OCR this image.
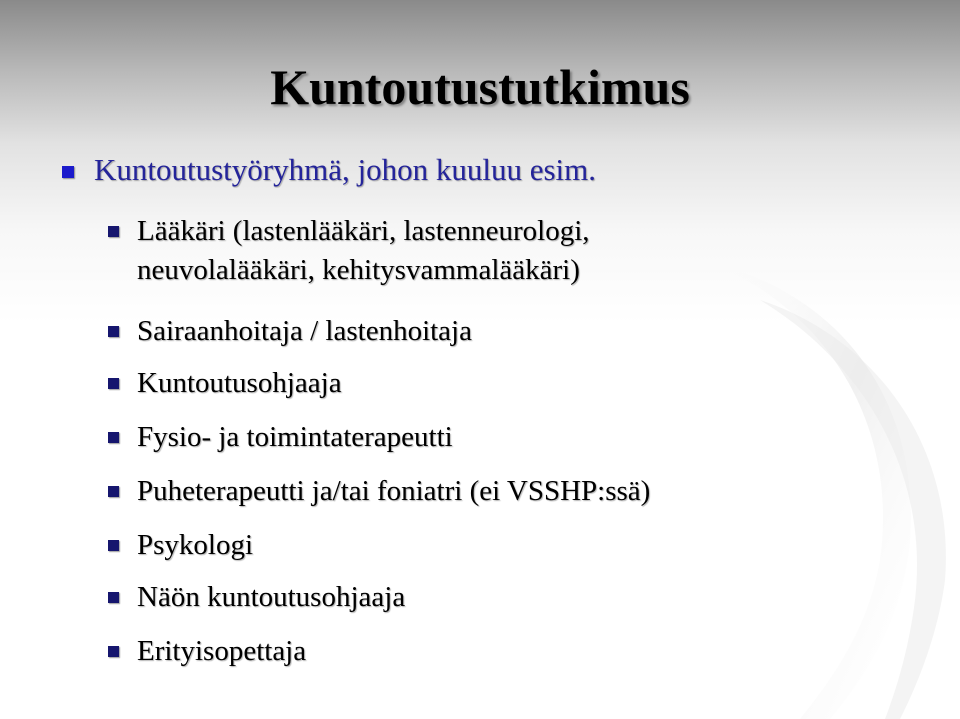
Kuntoutustutkimus
Kuntoutustyöryhmä, johon kuuluu esim.
Lääkäri (lastenlääkäri, lastenneurologi,
neuvolalääkäri, kehitysvammalääkäri)
Sairaanhoitaja / lastenhoitaja
Kuntoutusohjaaja
Fysio- ja toimintaterapeutti
Puheterapeutti ja/tai foniatri (ei VSSHP:ssä)
Psykologi
Näön kuntoutusohjaaja
Erityisopettaja
